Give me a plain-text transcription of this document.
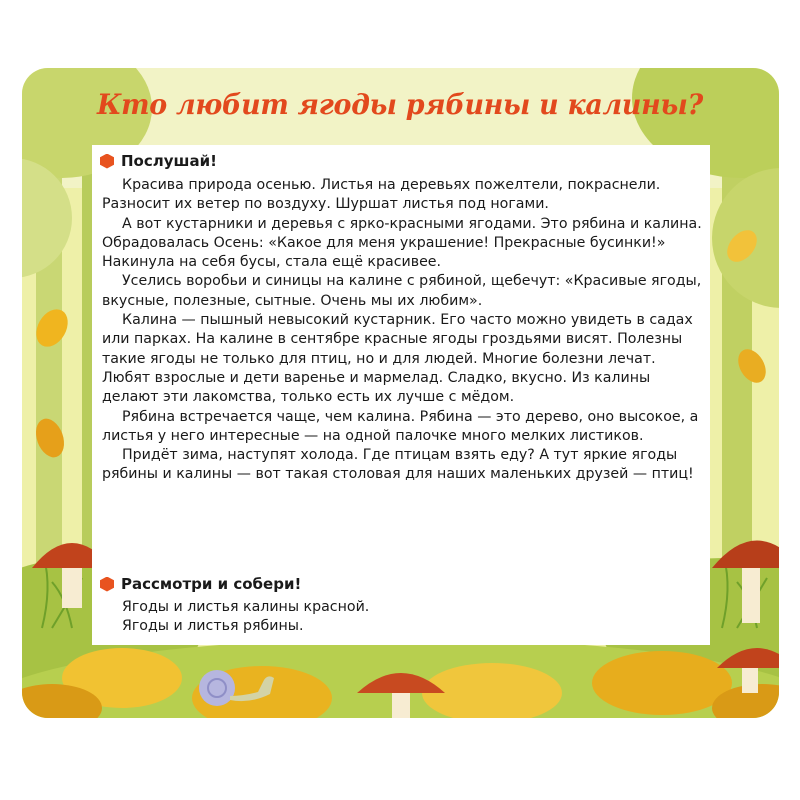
Кто любит ягоды рябины и калины?
Послушай!

Красива природа осенью. Листья на деревьях пожелтели, покраснели. Разносит их ветер по воздуху. Шуршат листья под ногами.

А вот кустарники и деревья с ярко-красными ягодами. Это рябина и калина. Обрадовалась Осень: «Какое для меня украшение! Прекрасные бусинки!» Накинула на себя бусы, стала ещё красивее.

Уселись воробьи и синицы на калине с рябиной, щебечут: «Красивые ягоды, вкусные, полезные, сытные. Очень мы их любим».

Калина — пышный невысокий кустарник. Его часто можно увидеть в садах или парках. На калине в сентябре красные ягоды гроздьями висят. Полезны такие ягоды не только для птиц, но и для людей. Многие болезни лечат. Любят взрослые и дети варенье и мармелад. Сладко, вкусно. Из калины делают эти лакомства, только есть их лучше с мёдом.

Рябина встречается чаще, чем калина. Рябина — это дерево, оно высокое, а листья у него интересные — на одной палочке много мелких листиков.

Придёт зима, наступят холода. Где птицам взять еду? А тут яркие ягоды рябины и калины — вот такая столовая для наших маленьких друзей — птиц!

Рассмотри и собери!
Ягоды и листья калины красной.
Ягоды и листья рябины.
